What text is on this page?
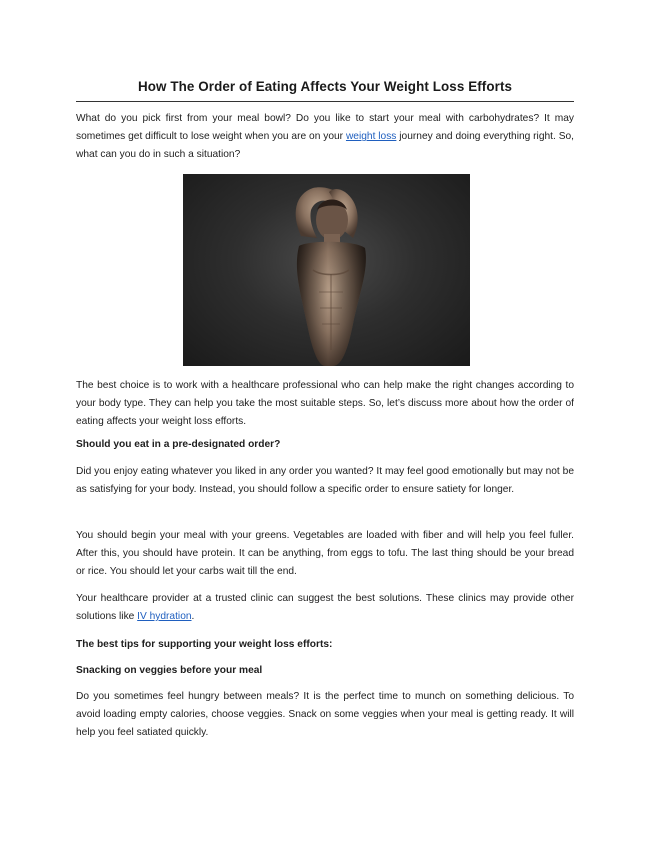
How The Order of Eating Affects Your Weight Loss Efforts

What do you pick first from your meal bowl? Do you like to start your meal with carbohydrates? It may sometimes get difficult to lose weight when you are on your weight loss journey and doing everything right. So, what can you do in such a situation?

The best choice is to work with a healthcare professional who can help make the right changes according to your body type. They can help you take the most suitable steps. So, let’s discuss more about how the order of eating affects your weight loss efforts.

Should you eat in a pre-designated order?

Did you enjoy eating whatever you liked in any order you wanted? It may feel good emotionally but may not be as satisfying for your body. Instead, you should follow a specific order to ensure satiety for longer.

You should begin your meal with your greens. Vegetables are loaded with fiber and will help you feel fuller. After this, you should have protein. It can be anything, from eggs to tofu. The last thing should be your bread or rice. You should let your carbs wait till the end.

Your healthcare provider at a trusted clinic can suggest the best solutions. These clinics may provide other solutions like IV hydration.

The best tips for supporting your weight loss efforts:

Snacking on veggies before your meal

Do you sometimes feel hungry between meals? It is the perfect time to munch on something delicious. To avoid loading empty calories, choose veggies. Snack on some veggies when your meal is getting ready. It will help you feel satiated quickly.
